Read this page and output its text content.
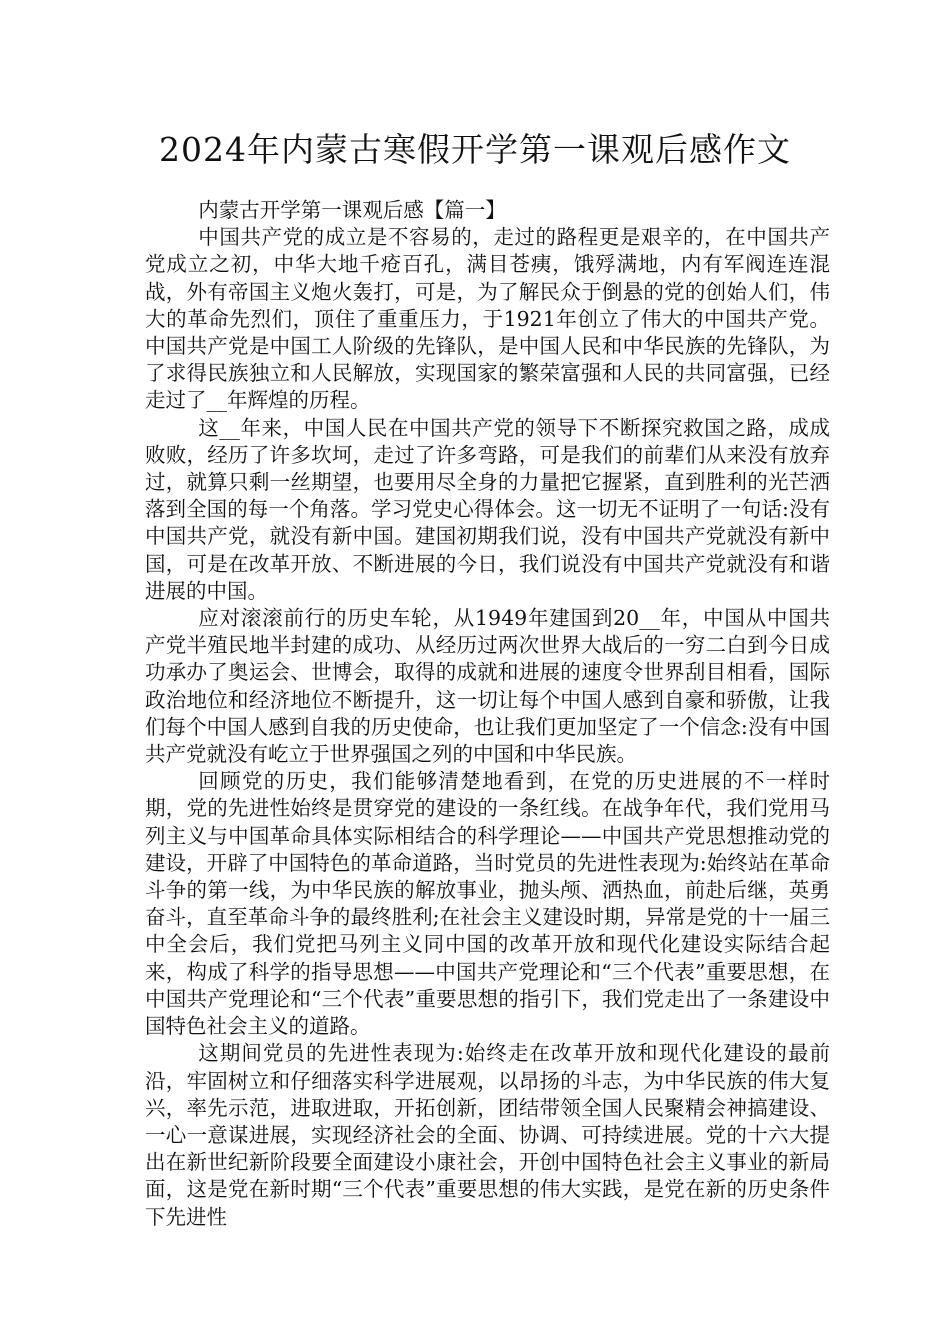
2024年内蒙古寒假开学第一课观后感作文

内蒙古开学第一课观后感【篇一】

中国共产党的成立是不容易的，走过的路程更是艰辛的，在中国共产党成立之初，中华大地千疮百孔，满目苍痍，饿殍满地，内有军阀连连混战，外有帝国主义炮火轰打，可是，为了解民众于倒悬的党的创始人们，伟大的革命先烈们，顶住了重重压力，于1921年创立了伟大的中国共产党。中国共产党是中国工人阶级的先锋队，是中国人民和中华民族的先锋队，为了求得民族独立和人民解放，实现国家的繁荣富强和人民的共同富强，已经走过了__年辉煌的历程。

这__年来，中国人民在中国共产党的领导下不断探究救国之路，成成败败，经历了许多坎坷，走过了许多弯路，可是我们的前辈们从来没有放弃过，就算只剩一丝期望，也要用尽全身的力量把它握紧，直到胜利的光芒洒落到全国的每一个角落。学习党史心得体会。这一切无不证明了一句话:没有中国共产党，就没有新中国。建国初期我们说，没有中国共产党就没有新中国，可是在改革开放、不断进展的今日，我们说没有中国共产党就没有和谐进展的中国。

应对滚滚前行的历史车轮，从1949年建国到20__年，中国从中国共产党半殖民地半封建的成功、从经历过两次世界大战后的一穷二白到今日成功承办了奥运会、世博会，取得的成就和进展的速度令世界刮目相看，国际政治地位和经济地位不断提升，这一切让每个中国人感到自豪和骄傲，让我们每个中国人感到自我的历史使命，也让我们更加坚定了一个信念:没有中国共产党就没有屹立于世界强国之列的中国和中华民族。

回顾党的历史，我们能够清楚地看到，在党的历史进展的不一样时期，党的先进性始终是贯穿党的建设的一条红线。在战争年代，我们党用马列主义与中国革命具体实际相结合的科学理论——中国共产党思想推动党的建设，开辟了中国特色的革命道路，当时党员的先进性表现为:始终站在革命斗争的第一线，为中华民族的解放事业，抛头颅、洒热血，前赴后继，英勇奋斗，直至革命斗争的最终胜利;在社会主义建设时期，异常是党的十一届三中全会后，我们党把马列主义同中国的改革开放和现代化建设实际结合起来，构成了科学的指导思想——中国共产党理论和“三个代表”重要思想，在中国共产党理论和“三个代表”重要思想的指引下，我们党走出了一条建设中国特色社会主义的道路。

这期间党员的先进性表现为:始终走在改革开放和现代化建设的最前沿，牢固树立和仔细落实科学进展观，以昂扬的斗志，为中华民族的伟大复兴，率先示范，进取进取，开拓创新，团结带领全国人民聚精会神搞建设、一心一意谋进展，实现经济社会的全面、协调、可持续进展。党的十六大提出在新世纪新阶段要全面建设小康社会，开创中国特色社会主义事业的新局面，这是党在新时期“三个代表”重要思想的伟大实践，是党在新的历史条件下先进性
